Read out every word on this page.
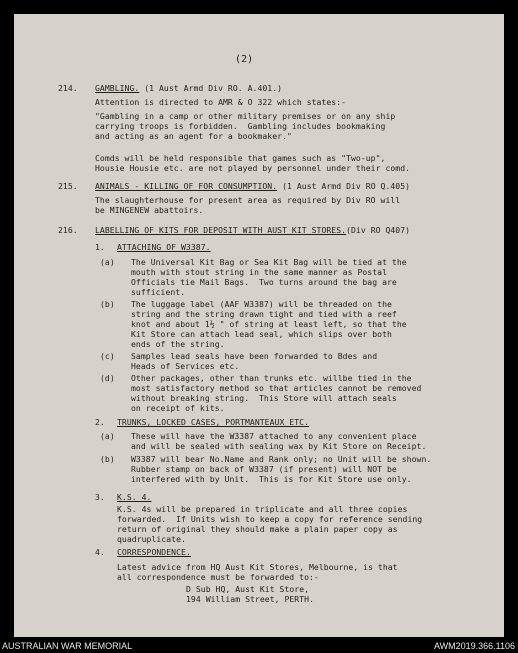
(2)
214. GAMBLING. (1 Aust Armd Div RO. A.401.)
Attention is directed to AMR & O 322 which states:-
"Gambling in a camp or other military premises or on any ship
carrying troops is forbidden.  Gambling includes bookmaking
and acting as an agent for a bookmaker."
Comds will be held responsible that games such as "Two-up",
Housie Housie etc. are not played by personnel under their comd.
215. ANIMALS - KILLING OF FOR CONSUMPTION. (1 Aust Armd Div RO Q.405)
The slaughterhouse for present area as required by Div RO will
be MINGENEW abattoirs.
216. LABELLING OF KITS FOR DEPOSIT WITH AUST KIT STORES.(Div RO Q407)
1. ATTACHING OF W3387.
(a) The Universal Kit Bag or Sea Kit Bag will be tied at the
mouth with stout string in the same manner as Postal
Officials tie Mail Bags.  Two turns around the bag are
sufficient.
(b) The luggage label (AAF W3387) will be threaded on the
string and the string drawn tight and tied with a reef
knot and about 1½ " of string at least left, so that the
Kit Store can attach lead seal, which slips over both
ends of the string.
(c) Samples lead seals have been forwarded to Bdes and
Heads of Services etc.
(d) Other packages, other than trunks etc. willbe tied in the
most satisfactory method so that articles cannot be removed
without breaking string.  This Store will attach seals
on receipt of kits.
2. TRUNKS, LOCKED CASES, PORTMANTEAUX ETC.
(a) These will have the W3387 attached to any convenient place
and will be sealed with sealing wax by Kit Store on Receipt.
(b) W3387 will bear No.Name and Rank only; no Unit will be shown.
Rubber stamp on back of W3387 (if present) will NOT be
interfered with by Unit.  This is for Kit Store use only.
3. K.S. 4.
K.S. 4s will be prepared in triplicate and all three copies
forwarded.  If Units wish to keep a copy for reference sending
return of original they should make a plain paper copy as
quadruplicate.
4. CORRESPONDENCE.
Latest advice from HQ Aust Kit Stores, Melbourne, is that
all correspondence must be forwarded to:-
D Sub HQ, Aust Kit Store,
194 William Street, PERTH.
AUSTRALIAN WAR MEMORIAL	AWM2019.366.1106
